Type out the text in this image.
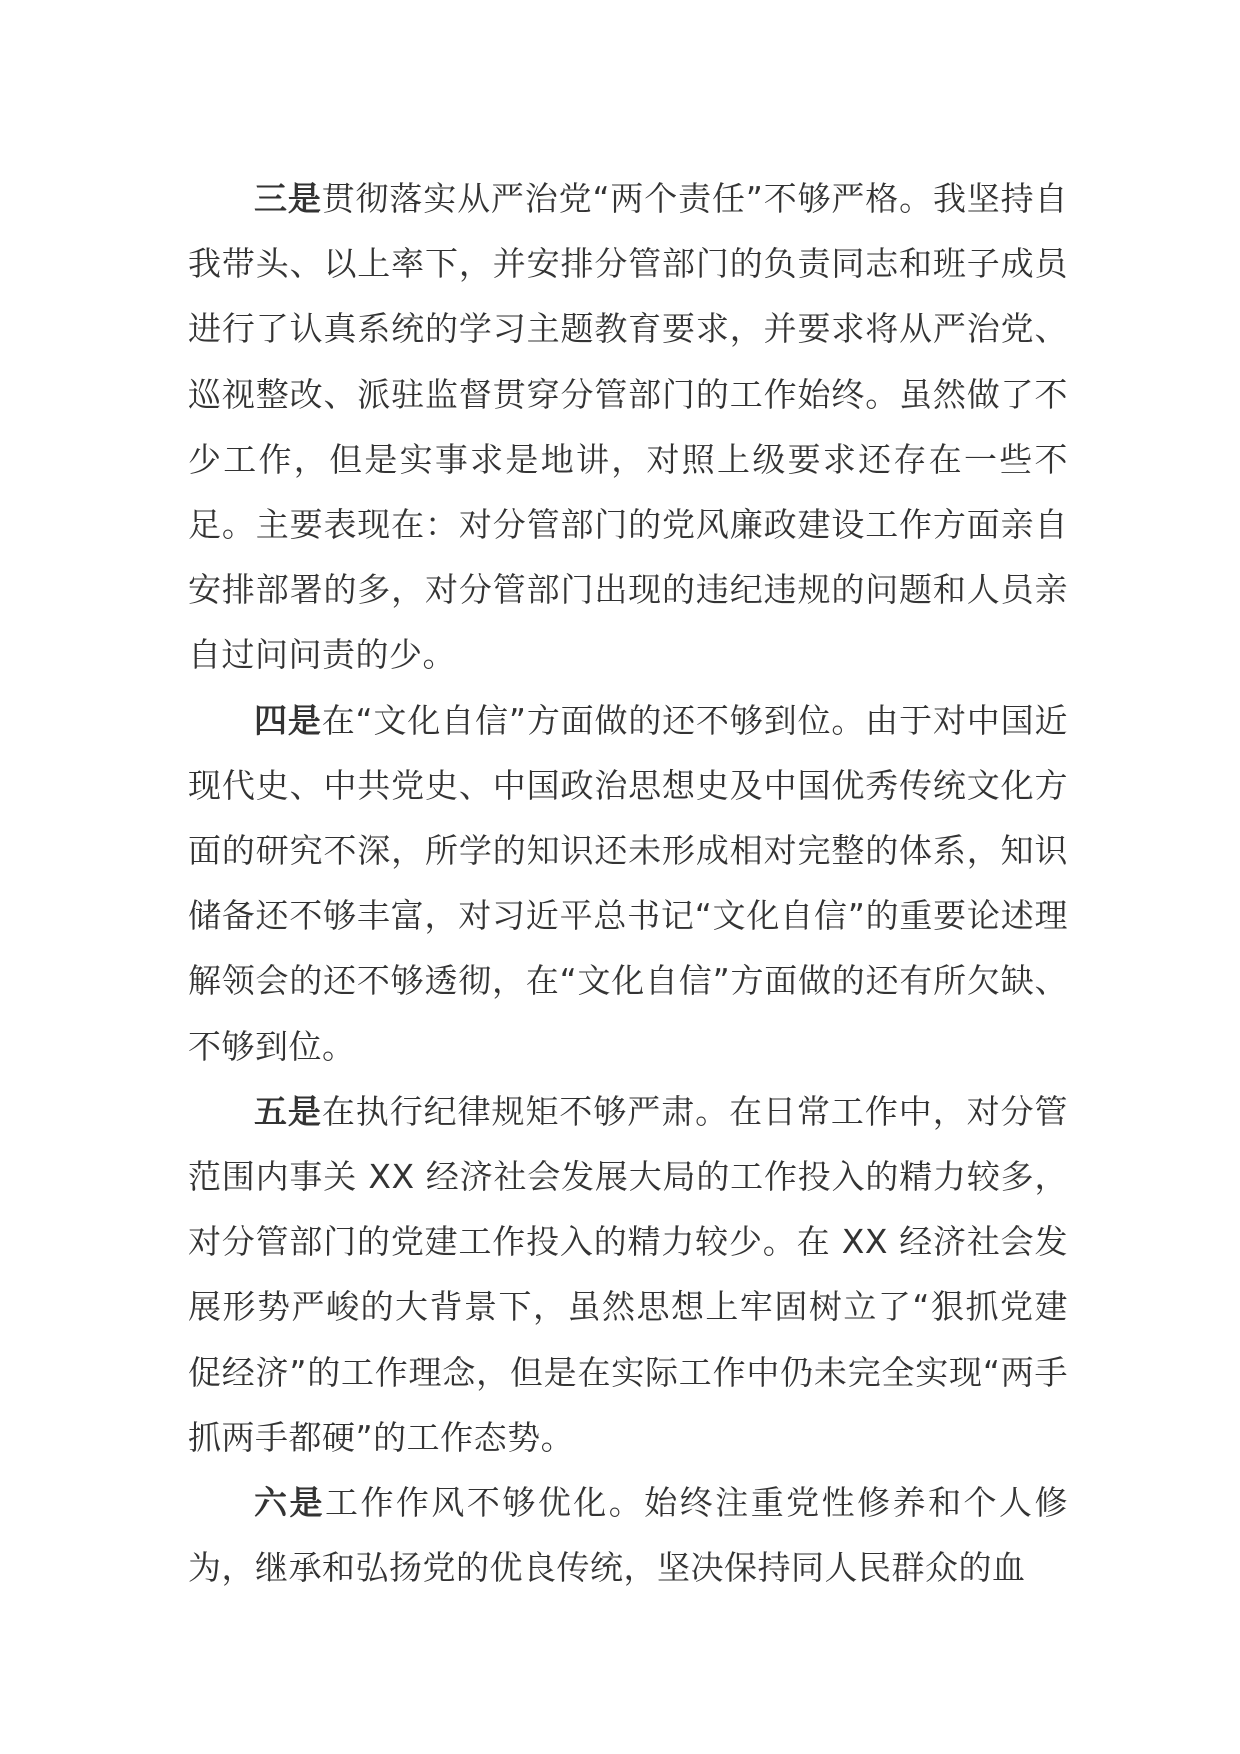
三是贯彻落实从严治党“两个责任”不够严格。我坚持自我带头、以上率下，并安排分管部门的负责同志和班子成员进行了认真系统的学习主题教育要求，并要求将从严治党、巡视整改、派驻监督贯穿分管部门的工作始终。虽然做了不少工作，但是实事求是地讲，对照上级要求还存在一些不足。主要表现在：对分管部门的党风廉政建设工作方面亲自安排部署的多，对分管部门出现的违纪违规的问题和人员亲自过问问责的少。

四是在“文化自信”方面做的还不够到位。由于对中国近现代史、中共党史、中国政治思想史及中国优秀传统文化方面的研究不深，所学的知识还未形成相对完整的体系，知识储备还不够丰富，对习近平总书记“文化自信”的重要论述理解领会的还不够透彻，在“文化自信”方面做的还有所欠缺、不够到位。

五是在执行纪律规矩不够严肃。在日常工作中，对分管范围内事关 XX 经济社会发展大局的工作投入的精力较多，对分管部门的党建工作投入的精力较少。在 XX 经济社会发展形势严峻的大背景下，虽然思想上牢固树立了“狠抓党建促经济”的工作理念，但是在实际工作中仍未完全实现“两手抓两手都硬”的工作态势。

六是工作作风不够优化。始终注重党性修养和个人修为，继承和弘扬党的优良传统，坚决保持同人民群众的血
